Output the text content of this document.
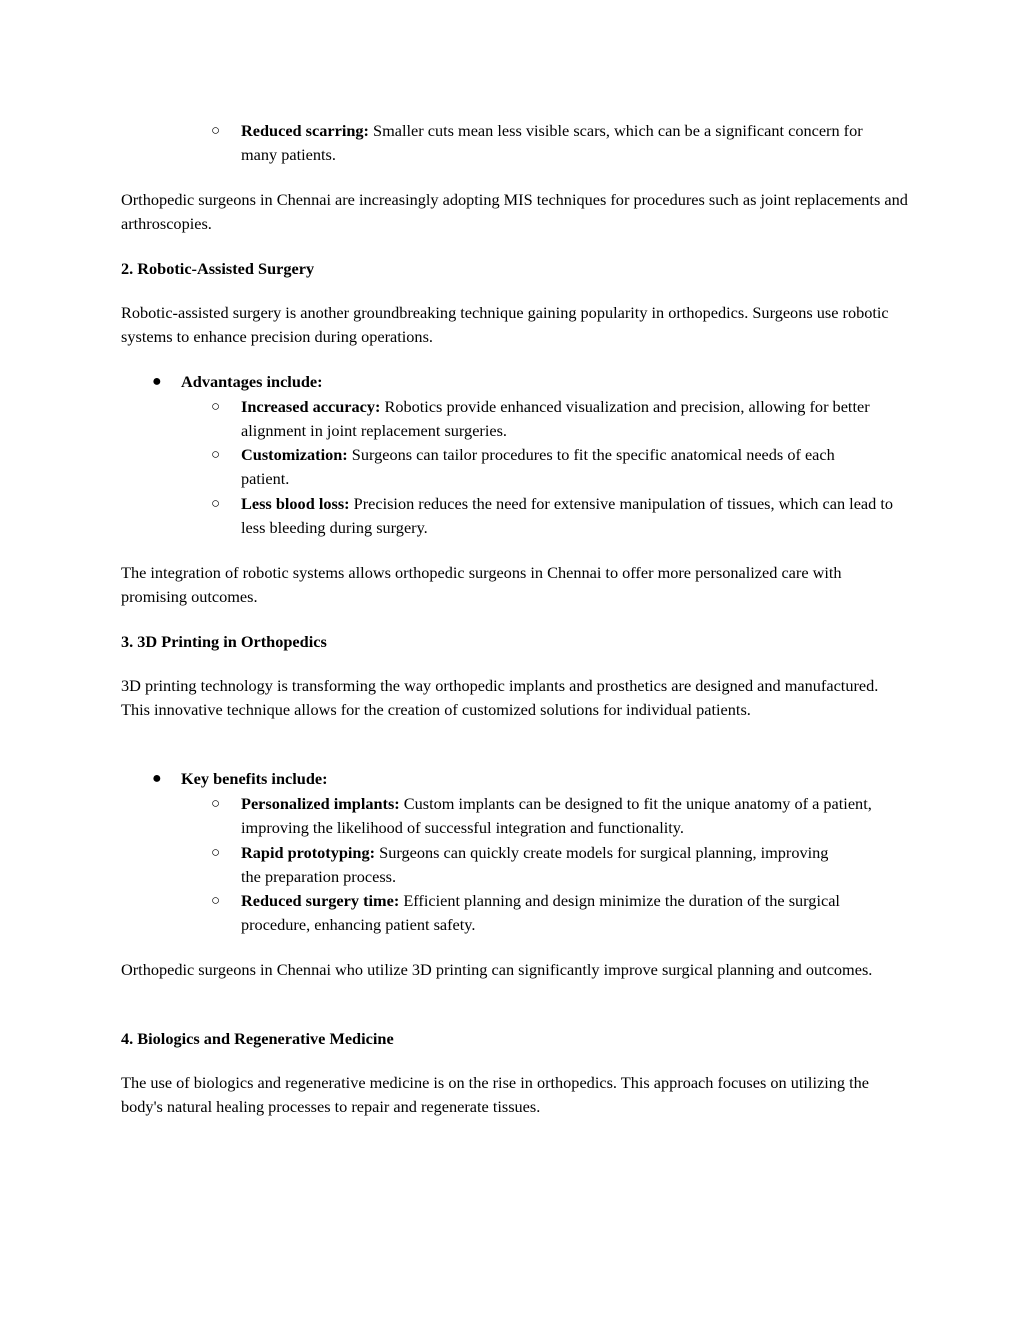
○ Reduced scarring: Smaller cuts mean less visible scars, which can be a significant concern for many patients.

Orthopedic surgeons in Chennai are increasingly adopting MIS techniques for procedures such as joint replacements and arthroscopies.

2. Robotic-Assisted Surgery

Robotic-assisted surgery is another groundbreaking technique gaining popularity in orthopedics. Surgeons use robotic systems to enhance precision during operations.

● Advantages include:
○ Increased accuracy: Robotics provide enhanced visualization and precision, allowing for better alignment in joint replacement surgeries.

○ Customization: Surgeons can tailor procedures to fit the specific anatomical needs of each patient.

○ Less blood loss: Precision reduces the need for extensive manipulation of tissues, which can lead to less bleeding during surgery.

The integration of robotic systems allows orthopedic surgeons in Chennai to offer more personalized care with promising outcomes.

3. 3D Printing in Orthopedics

3D printing technology is transforming the way orthopedic implants and prosthetics are designed and manufactured. This innovative technique allows for the creation of customized solutions for individual patients.

● Key benefits include:
○ Personalized implants: Custom implants can be designed to fit the unique anatomy of a patient, improving the likelihood of successful integration and functionality.

○ Rapid prototyping: Surgeons can quickly create models for surgical planning, improving the preparation process.

○ Reduced surgery time: Efficient planning and design minimize the duration of the surgical procedure, enhancing patient safety.

Orthopedic surgeons in Chennai who utilize 3D printing can significantly improve surgical planning and outcomes.

4. Biologics and Regenerative Medicine

The use of biologics and regenerative medicine is on the rise in orthopedics. This approach focuses on utilizing the body's natural healing processes to repair and regenerate tissues.
